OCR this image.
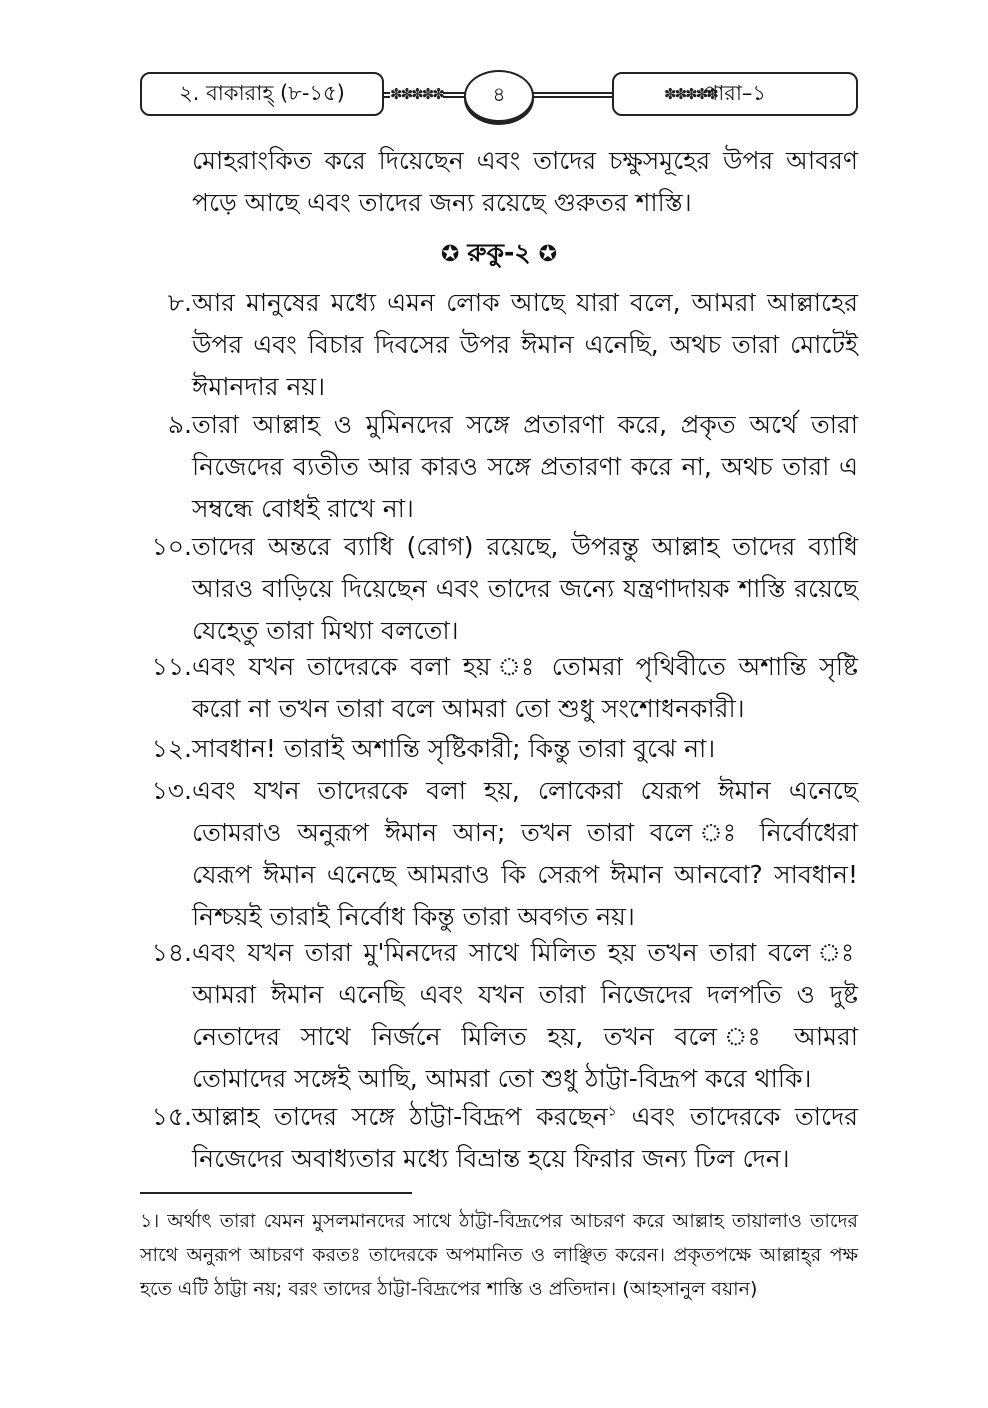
২. বাকারাহ্ (৮-১৫)	✽✽✽✽✽	✽✽✽✽✽
৪	পারা–১
মোহরাংকিত করে দিয়েছেন এবং তাদের চক্ষুসমূহের উপর আবরণ পড়ে আছে এবং তাদের জন্য রয়েছে গুরুতর শাস্তি।
✪ রুকু-২ ✪
৮. আর মানুষের মধ্যে এমন লোক আছে যারা বলে, আমরা আল্লাহের উপর এবং বিচার দিবসের উপর ঈমান এনেছি, অথচ তারা মোটেই ঈমানদার নয়।
৯. তারা আল্লাহ ও মুমিনদের সঙ্গে প্রতারণা করে, প্রকৃত অর্থে তারা নিজেদের ব্যতীত আর কারও সঙ্গে প্রতারণা করে না, অথচ তারা এ সম্বন্ধে বোধই রাখে না।
১০. তাদের অন্তরে ব্যাধি (রোগ) রয়েছে, উপরন্তু আল্লাহ তাদের ব্যাধি আরও বাড়িয়ে দিয়েছেন এবং তাদের জন্যে যন্ত্রণাদায়ক শাস্তি রয়েছে যেহেতু তারা মিথ্যা বলতো।
১১. এবং যখন তাদেরকে বলা হয় ঃ তোমরা পৃথিবীতে অশান্তি সৃষ্টি করো না তখন তারা বলে আমরা তো শুধু সংশোধনকারী।
১২. সাবধান! তারাই অশান্তি সৃষ্টিকারী; কিন্তু তারা বুঝে না।
১৩. এবং যখন তাদেরকে বলা হয়, লোকেরা যেরূপ ঈমান এনেছে তোমরাও অনুরূপ ঈমান আন; তখন তারা বলে ঃ নির্বোধেরা যেরূপ ঈমান এনেছে আমরাও কি সেরূপ ঈমান আনবো? সাবধান! নিশ্চয়ই তারাই নির্বোধ কিন্তু তারা অবগত নয়।
১৪. এবং যখন তারা মু'মিনদের সাথে মিলিত হয় তখন তারা বলে ঃ আমরা ঈমান এনেছি এবং যখন তারা নিজেদের দলপতি ও দুষ্ট নেতাদের সাথে নির্জনে মিলিত হয়, তখন বলে ঃ আমরা তোমাদের সঙ্গেই আছি, আমরা তো শুধু ঠাট্টা-বিদ্রূপ করে থাকি।
১৫. আল্লাহ তাদের সঙ্গে ঠাট্টা-বিদ্রূপ করছেন$^১$ এবং তাদেরকে তাদের নিজেদের অবাধ্যতার মধ্যে বিভ্রান্ত হয়ে ফিরার জন্য ঢিল দেন।
১। অর্থাৎ তারা যেমন মুসলমানদের সাথে ঠাট্টা-বিদ্রূপের আচরণ করে আল্লাহ তায়ালাও তাদের সাথে অনুরূপ আচরণ করতঃ তাদেরকে অপমানিত ও লাঞ্ছিত করেন। প্রকৃতপক্ষে আল্লাহ্‌র পক্ষ হতে এটি ঠাট্টা নয়; বরং তাদের ঠাট্টা-বিদ্রূপের শাস্তি ও প্রতিদান। (আহসানুল বয়ান)
